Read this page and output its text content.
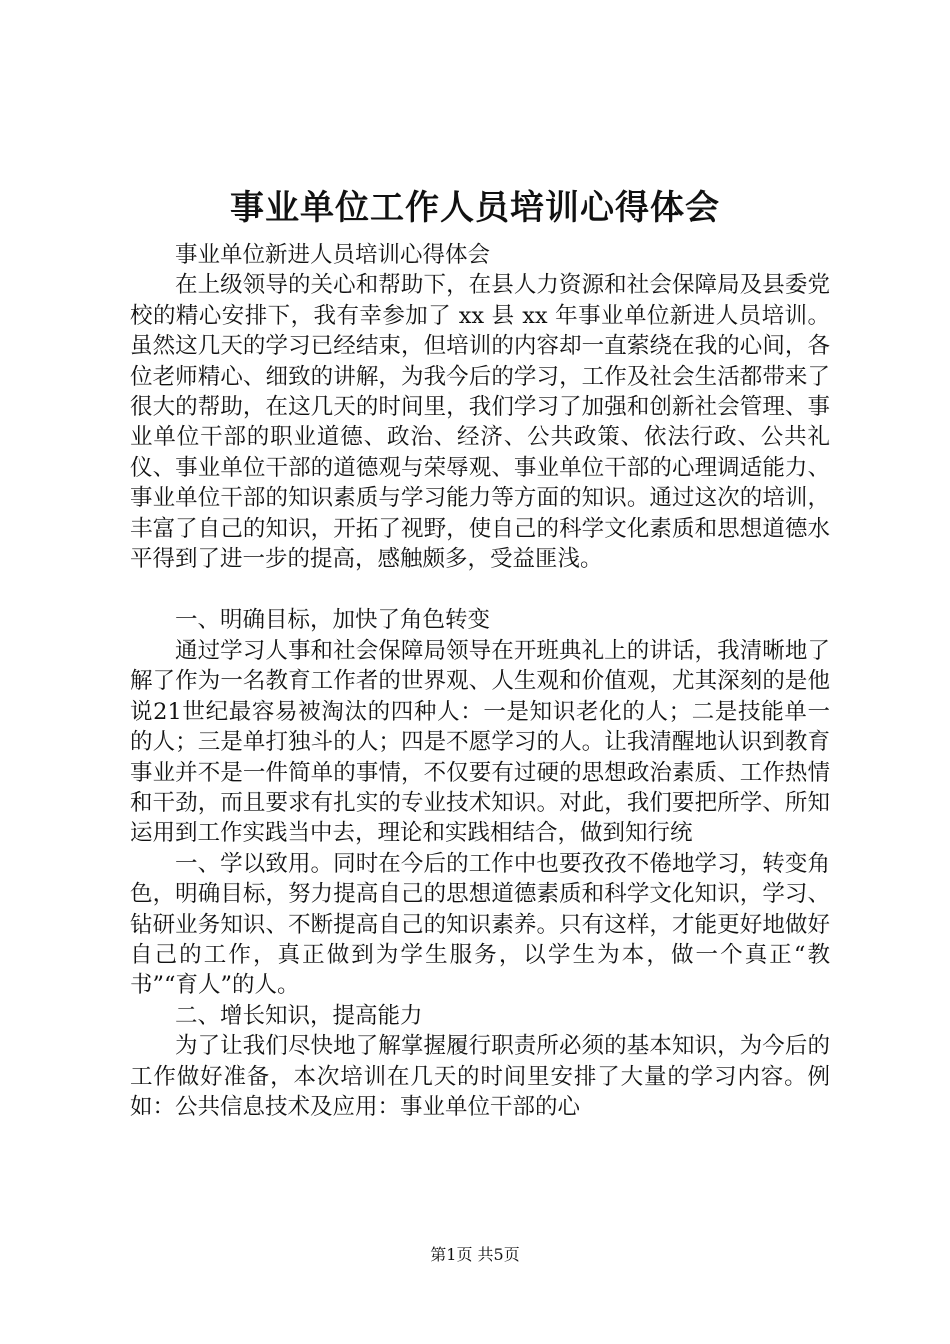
事业单位工作人员培训心得体会

事业单位新进人员培训心得体会

在上级领导的关心和帮助下，在县人力资源和社会保障局及县委党校的精心安排下，我有幸参加了 xx 县 xx 年事业单位新进人员培训。虽然这几天的学习已经结束，但培训的内容却一直萦绕在我的心间，各位老师精心、细致的讲解，为我今后的学习，工作及社会生活都带来了很大的帮助，在这几天的时间里，我们学习了加强和创新社会管理、事业单位干部的职业道德、政治、经济、公共政策、依法行政、公共礼仪、事业单位干部的道德观与荣辱观、事业单位干部的心理调适能力、事业单位干部的知识素质与学习能力等方面的知识。通过这次的培训，丰富了自己的知识，开拓了视野，使自己的科学文化素质和思想道德水平得到了进一步的提高，感触颇多，受益匪浅。

一、明确目标，加快了角色转变

通过学习人事和社会保障局领导在开班典礼上的讲话，我清晰地了解了作为一名教育工作者的世界观、人生观和价值观，尤其深刻的是他说21世纪最容易被淘汰的四种人：一是知识老化的人；二是技能单一的人；三是单打独斗的人；四是不愿学习的人。让我清醒地认识到教育事业并不是一件简单的事情，不仅要有过硬的思想政治素质、工作热情和干劲，而且要求有扎实的专业技术知识。对此，我们要把所学、所知运用到工作实践当中去，理论和实践相结合，做到知行统

一、学以致用。同时在今后的工作中也要孜孜不倦地学习，转变角色，明确目标，努力提高自己的思想道德素质和科学文化知识，学习、钻研业务知识、不断提高自己的知识素养。只有这样，才能更好地做好自己的工作，真正做到为学生服务，以学生为本，做一个真正“教书”“育人”的人。

二、增长知识，提高能力

为了让我们尽快地了解掌握履行职责所必须的基本知识，为今后的工作做好准备，本次培训在几天的时间里安排了大量的学习内容。例如：公共信息技术及应用：事业单位干部的心

第1页 共5页
